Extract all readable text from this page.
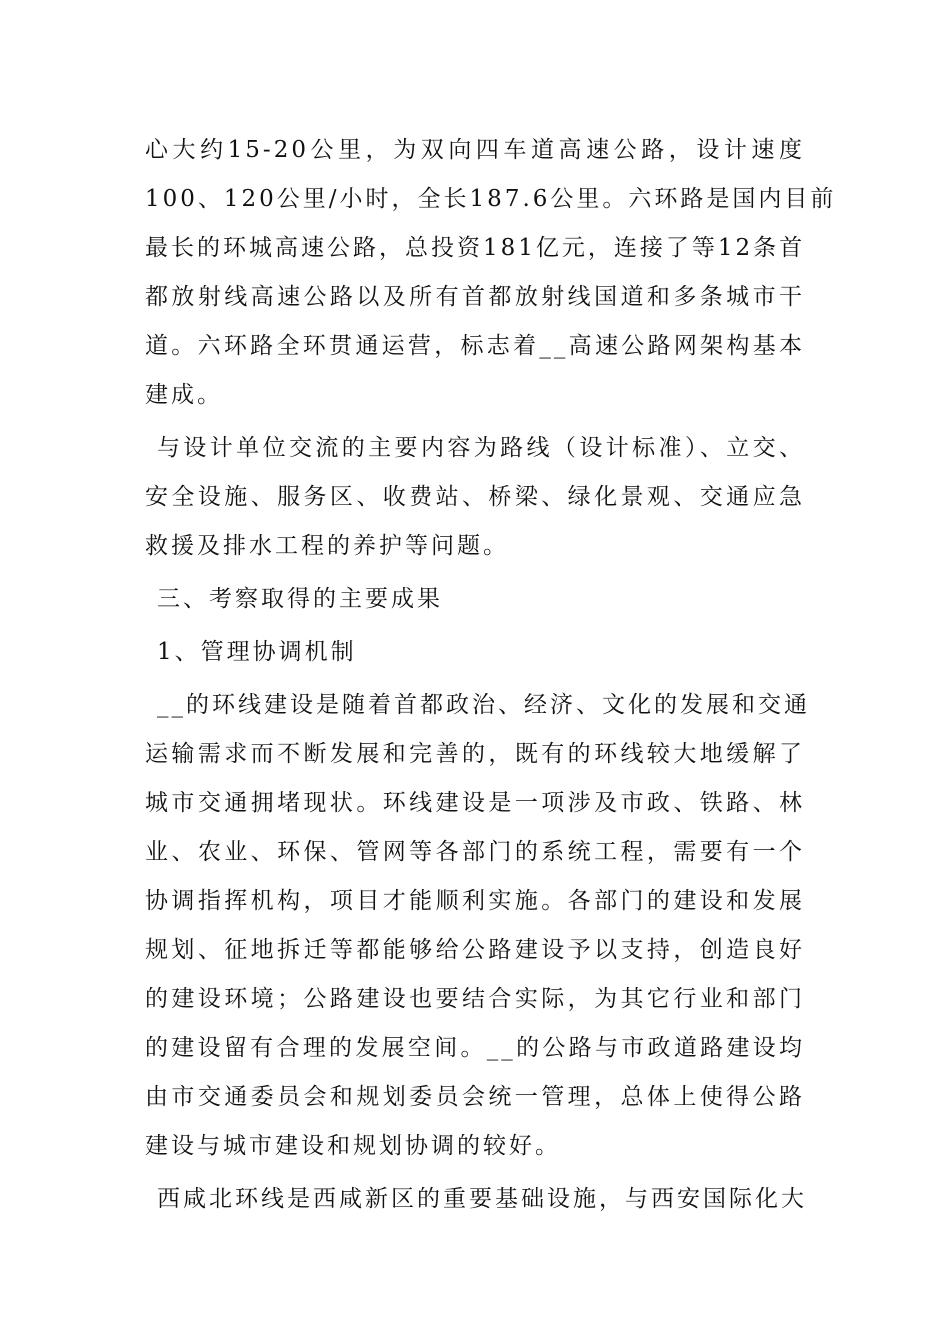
心大约15-20公里，为双向四车道高速公路，设计速度
100、120公里/小时，全长187.6公里。六环路是国内目前
最长的环城高速公路，总投资181亿元，连接了等12条首
都放射线高速公路以及所有首都放射线国道和多条城市干
道。六环路全环贯通运营，标志着__高速公路网架构基本
建成。
与设计单位交流的主要内容为路线（设计标准）、立交、
安全设施、服务区、收费站、桥梁、绿化景观、交通应急
救援及排水工程的养护等问题。
三、考察取得的主要成果
1、管理协调机制
__的环线建设是随着首都政治、经济、文化的发展和交通
运输需求而不断发展和完善的，既有的环线较大地缓解了
城市交通拥堵现状。环线建设是一项涉及市政、铁路、林
业、农业、环保、管网等各部门的系统工程，需要有一个
协调指挥机构，项目才能顺利实施。各部门的建设和发展
规划、征地拆迁等都能够给公路建设予以支持，创造良好
的建设环境；公路建设也要结合实际，为其它行业和部门
的建设留有合理的发展空间。__的公路与市政道路建设均
由市交通委员会和规划委员会统一管理，总体上使得公路
建设与城市建设和规划协调的较好。
西咸北环线是西咸新区的重要基础设施，与西安国际化大
